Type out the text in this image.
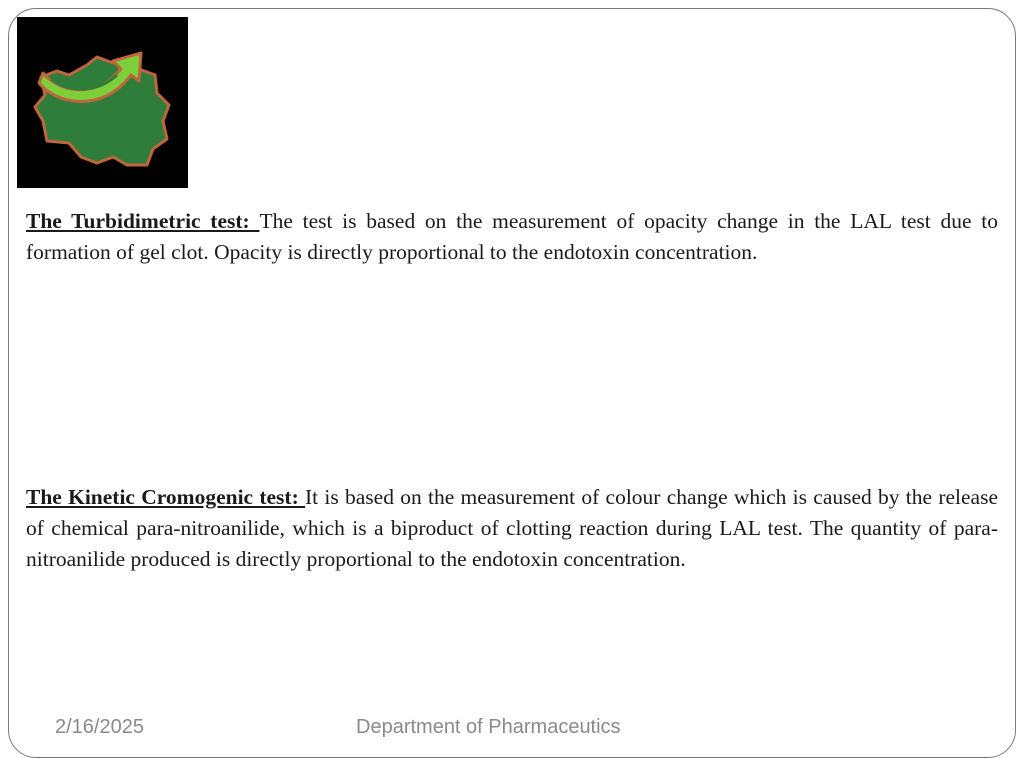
The Turbidimetric test: The test is based on the measurement of opacity change in the LAL test due to formation of gel clot. Opacity is directly proportional to the endotoxin concentration.

The Kinetic Cromogenic test: It is based on the measurement of colour change which is caused by the release of chemical para-nitroanilide, which is a biproduct of clotting reaction during LAL test. The quantity of para-nitroanilide produced is directly proportional to the endotoxin concentration.

2/16/2025	Department of Pharmaceutics
